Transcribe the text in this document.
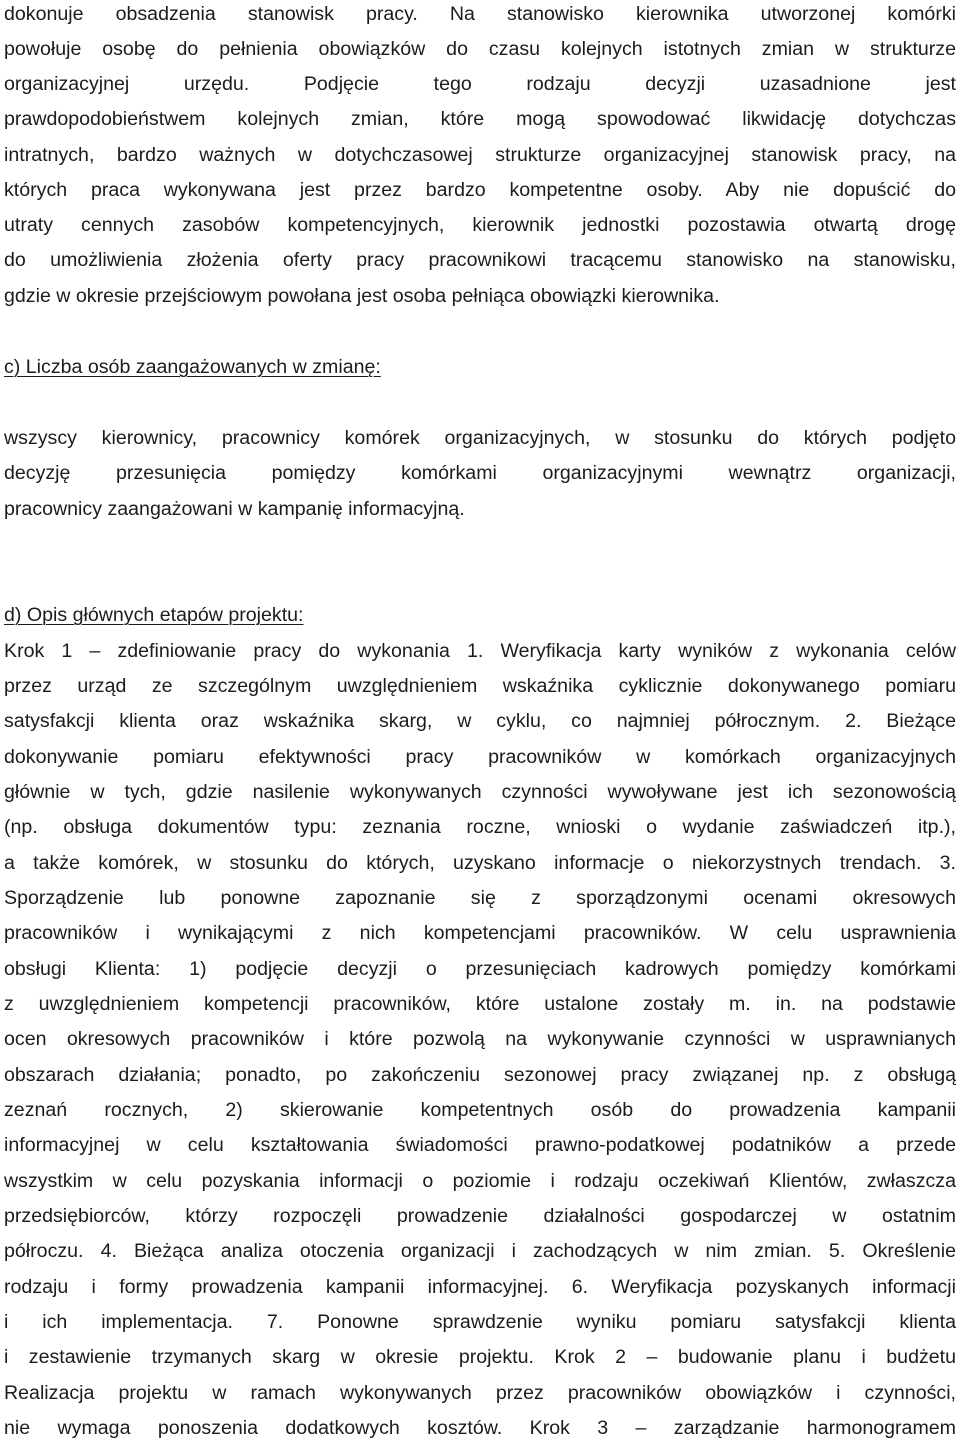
dokonuje obsadzenia stanowisk pracy. Na stanowisko kierownika utworzonej komórki
powołuje osobę do pełnienia obowiązków do czasu kolejnych istotnych zmian w strukturze
organizacyjnej urzędu. Podjęcie tego rodzaju decyzji uzasadnione jest
prawdopodobieństwem kolejnych zmian, które mogą spowodować likwidację dotychczas
intratnych, bardzo ważnych w dotychczasowej strukturze organizacyjnej stanowisk pracy, na
których praca wykonywana jest przez bardzo kompetentne osoby. Aby nie dopuścić do
utraty cennych zasobów kompetencyjnych, kierownik jednostki pozostawia otwartą drogę
do umożliwienia złożenia oferty pracy pracownikowi tracącemu stanowisko na stanowisku,
gdzie w okresie przejściowym powołana jest osoba pełniąca obowiązki kierownika.
c) Liczba osób zaangażowanych w zmianę:
wszyscy kierownicy, pracownicy komórek organizacyjnych, w stosunku do których podjęto
decyzję przesunięcia pomiędzy komórkami organizacyjnymi wewnątrz organizacji,
pracownicy zaangażowani w kampanię informacyjną.
d) Opis głównych etapów projektu:
Krok 1 – zdefiniowanie pracy do wykonania 1. Weryfikacja karty wyników z wykonania celów
przez urząd ze szczególnym uwzględnieniem wskaźnika cyklicznie dokonywanego pomiaru
satysfakcji klienta oraz wskaźnika skarg, w cyklu, co najmniej półrocznym. 2. Bieżące
dokonywanie pomiaru efektywności pracy pracowników w komórkach organizacyjnych
głównie w tych, gdzie nasilenie wykonywanych czynności wywoływane jest ich sezonowością
(np. obsługa dokumentów typu: zeznania roczne, wnioski o wydanie zaświadczeń itp.),
a także komórek, w stosunku do których, uzyskano informacje o niekorzystnych trendach. 3.
Sporządzenie lub ponowne zapoznanie się z sporządzonymi ocenami okresowych
pracowników i wynikającymi z nich kompetencjami pracowników. W celu usprawnienia
obsługi Klienta: 1) podjęcie decyzji o przesunięciach kadrowych pomiędzy komórkami
z uwzględnieniem kompetencji pracowników, które ustalone zostały m. in. na podstawie
ocen okresowych pracowników i które pozwolą na wykonywanie czynności w usprawnianych
obszarach działania; ponadto, po zakończeniu sezonowej pracy związanej np. z obsługą
zeznań rocznych, 2) skierowanie kompetentnych osób do prowadzenia kampanii
informacyjnej w celu kształtowania świadomości prawno-podatkowej podatników a przede
wszystkim w celu pozyskania informacji o poziomie i rodzaju oczekiwań Klientów, zwłaszcza
przedsiębiorców, którzy rozpoczęli prowadzenie działalności gospodarczej w ostatnim
półroczu. 4. Bieżąca analiza otoczenia organizacji i zachodzących w nim zmian. 5. Określenie
rodzaju i formy prowadzenia kampanii informacyjnej. 6. Weryfikacja pozyskanych informacji
i ich implementacja. 7. Ponowne sprawdzenie wyniku pomiaru satysfakcji klienta
i zestawienie trzymanych skarg w okresie projektu. Krok 2 – budowanie planu i budżetu
Realizacja projektu w ramach wykonywanych przez pracowników obowiązków i czynności,
nie wymaga ponoszenia dodatkowych kosztów. Krok 3 – zarządzanie harmonogramem
